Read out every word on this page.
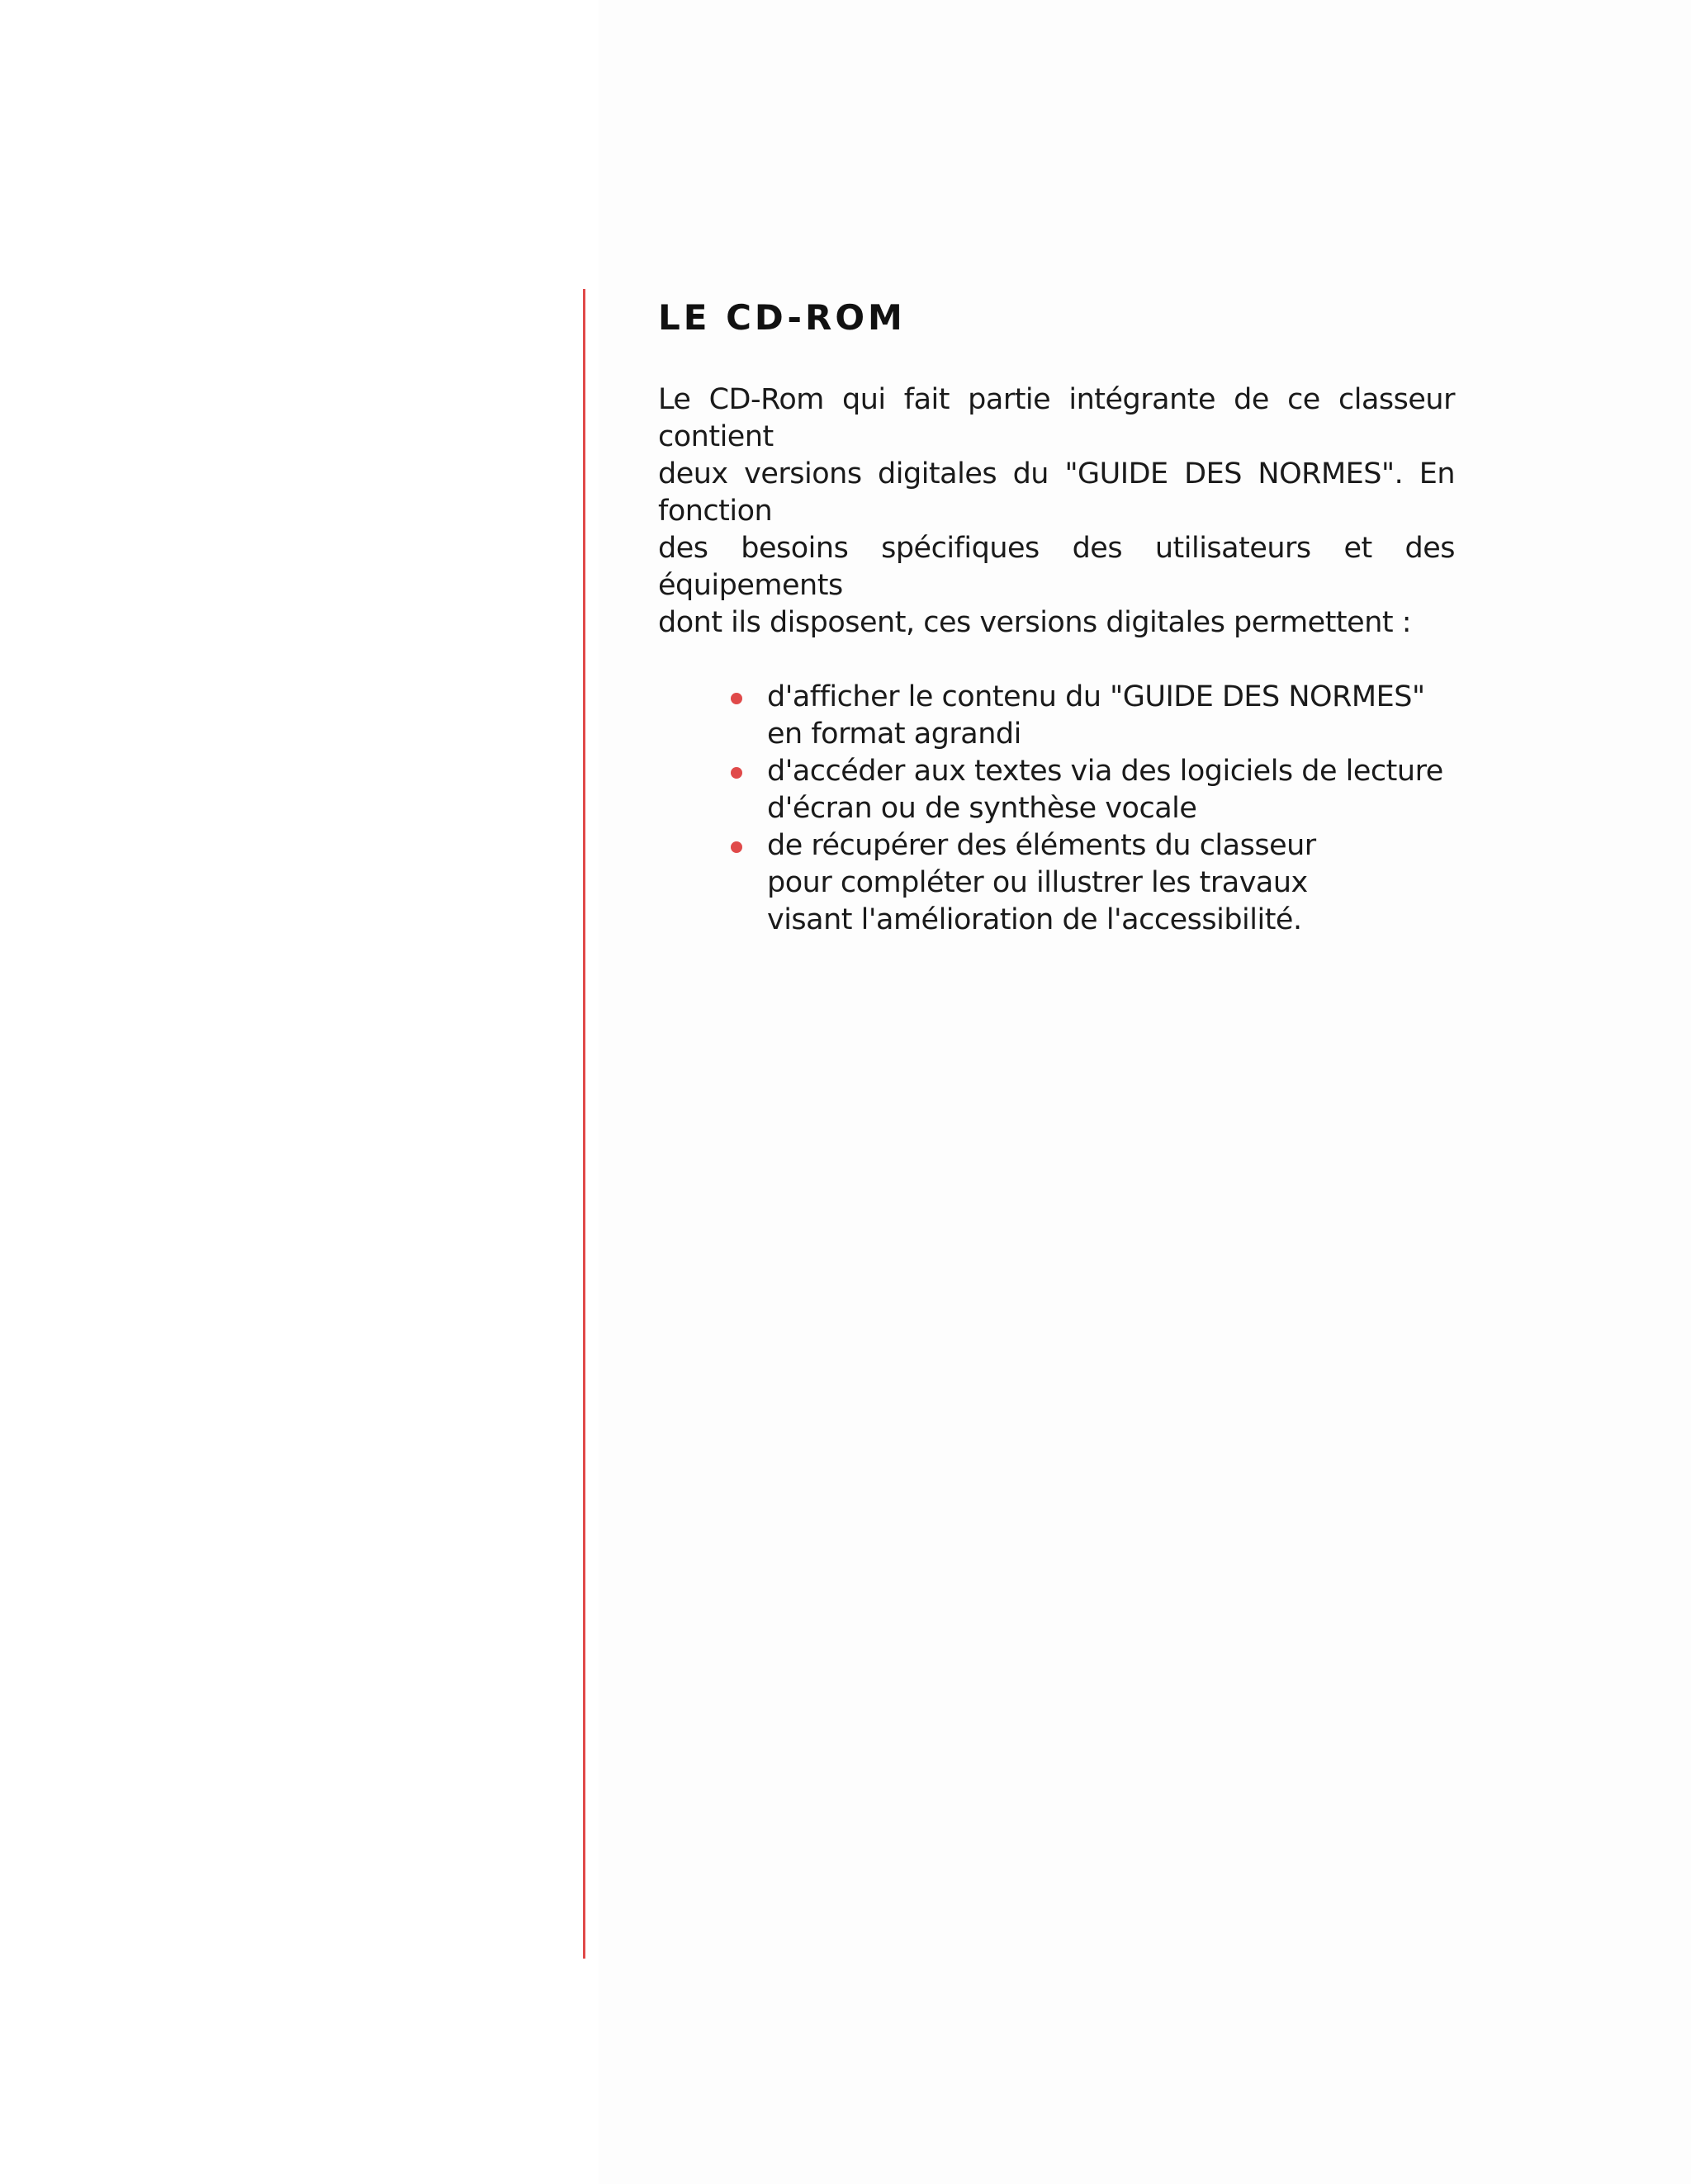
LE CD-ROM

Le CD-Rom qui fait partie intégrante de ce classeur contient
deux versions digitales du "GUIDE DES NORMES". En fonction
des besoins spécifiques des utilisateurs et des équipements
dont ils disposent, ces versions digitales permettent :

d'afficher le contenu du "GUIDE DES NORMES"
en format agrandi
d'accéder aux textes via des logiciels de lecture
d'écran ou de synthèse vocale
de récupérer des éléments du classeur
pour compléter ou illustrer les travaux
visant l'amélioration de l'accessibilité.
